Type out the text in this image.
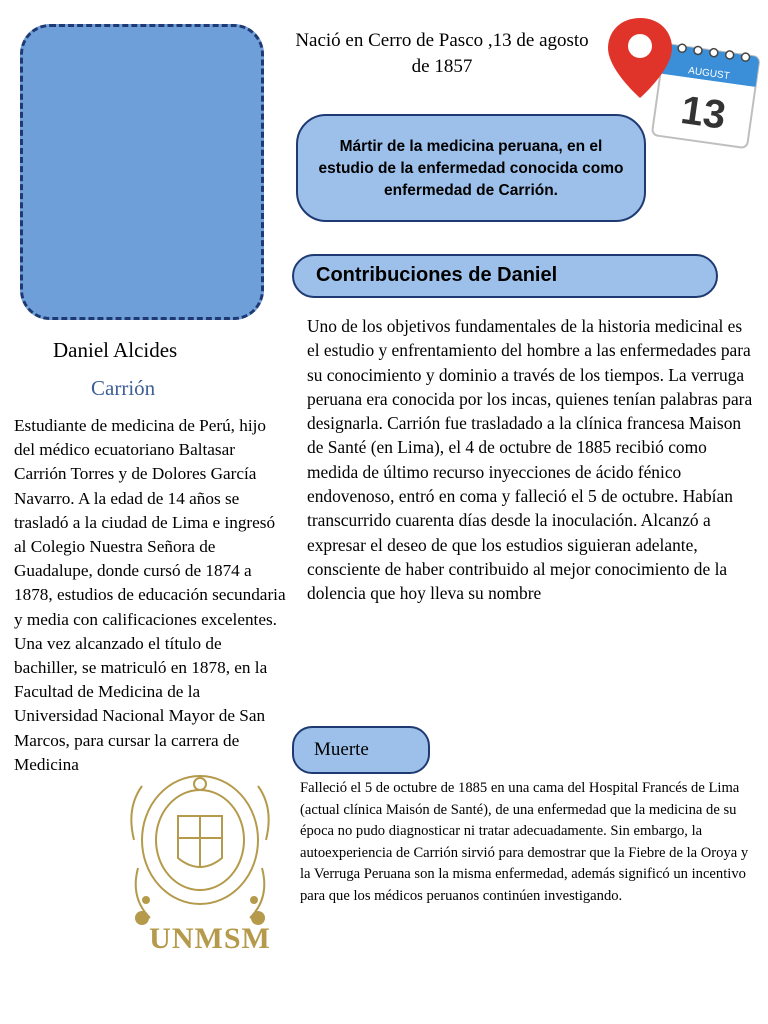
Nació en Cerro de Pasco ,13 de agosto
de 1857	AUGUST
13
Mártir de la medicina peruana, en el estudio de la enfermedad conocida como enfermedad de Carrión.
Contribuciones de Daniel
Uno de los objetivos fundamentales de la historia medicinal es el estudio y enfrentamiento del hombre a las enfermedades para su conocimiento y dominio a través de los tiempos. La verruga peruana era conocida por los incas, quienes tenían palabras para designarla. Carrión fue trasladado a la clínica francesa Maison de Santé (en Lima), el 4 de octubre de 1885 recibió como medida de último recurso inyecciones de ácido fénico endovenoso, entró en coma y falleció el 5 de octubre. Habían transcurrido cuarenta días desde la inoculación. Alcanzó a expresar el deseo de que los estudios siguieran adelante, consciente de haber contribuido al mejor conocimiento de la dolencia que hoy lleva su nombre
Daniel Alcides
Carrión
Estudiante de medicina de Perú, hijo del médico ecuatoriano Baltasar Carrión Torres y de Dolores García Navarro. A la edad de 14 años se trasladó a la ciudad de Lima e ingresó al Colegio Nuestra Señora de Guadalupe, donde cursó de 1874 a 1878, estudios de educación secundaria y media con calificaciones excelentes. Una vez alcanzado el título de bachiller, se matriculó en 1878, en la Facultad de Medicina de la Universidad Nacional Mayor de San Marcos, para cursar la carrera de Medicina
UNMSM
Muerte
Falleció el 5 de octubre de 1885 en una cama del Hospital Francés de Lima (actual clínica Maisón de Santé), de una enfermedad que la medicina de su época no pudo diagnosticar ni tratar adecuadamente. Sin embargo, la autoexperiencia de Carrión sirvió para demostrar que la Fiebre de la Oroya y la Verruga Peruana son la misma enfermedad, además significó un incentivo para que los médicos peruanos continúen investigando.
